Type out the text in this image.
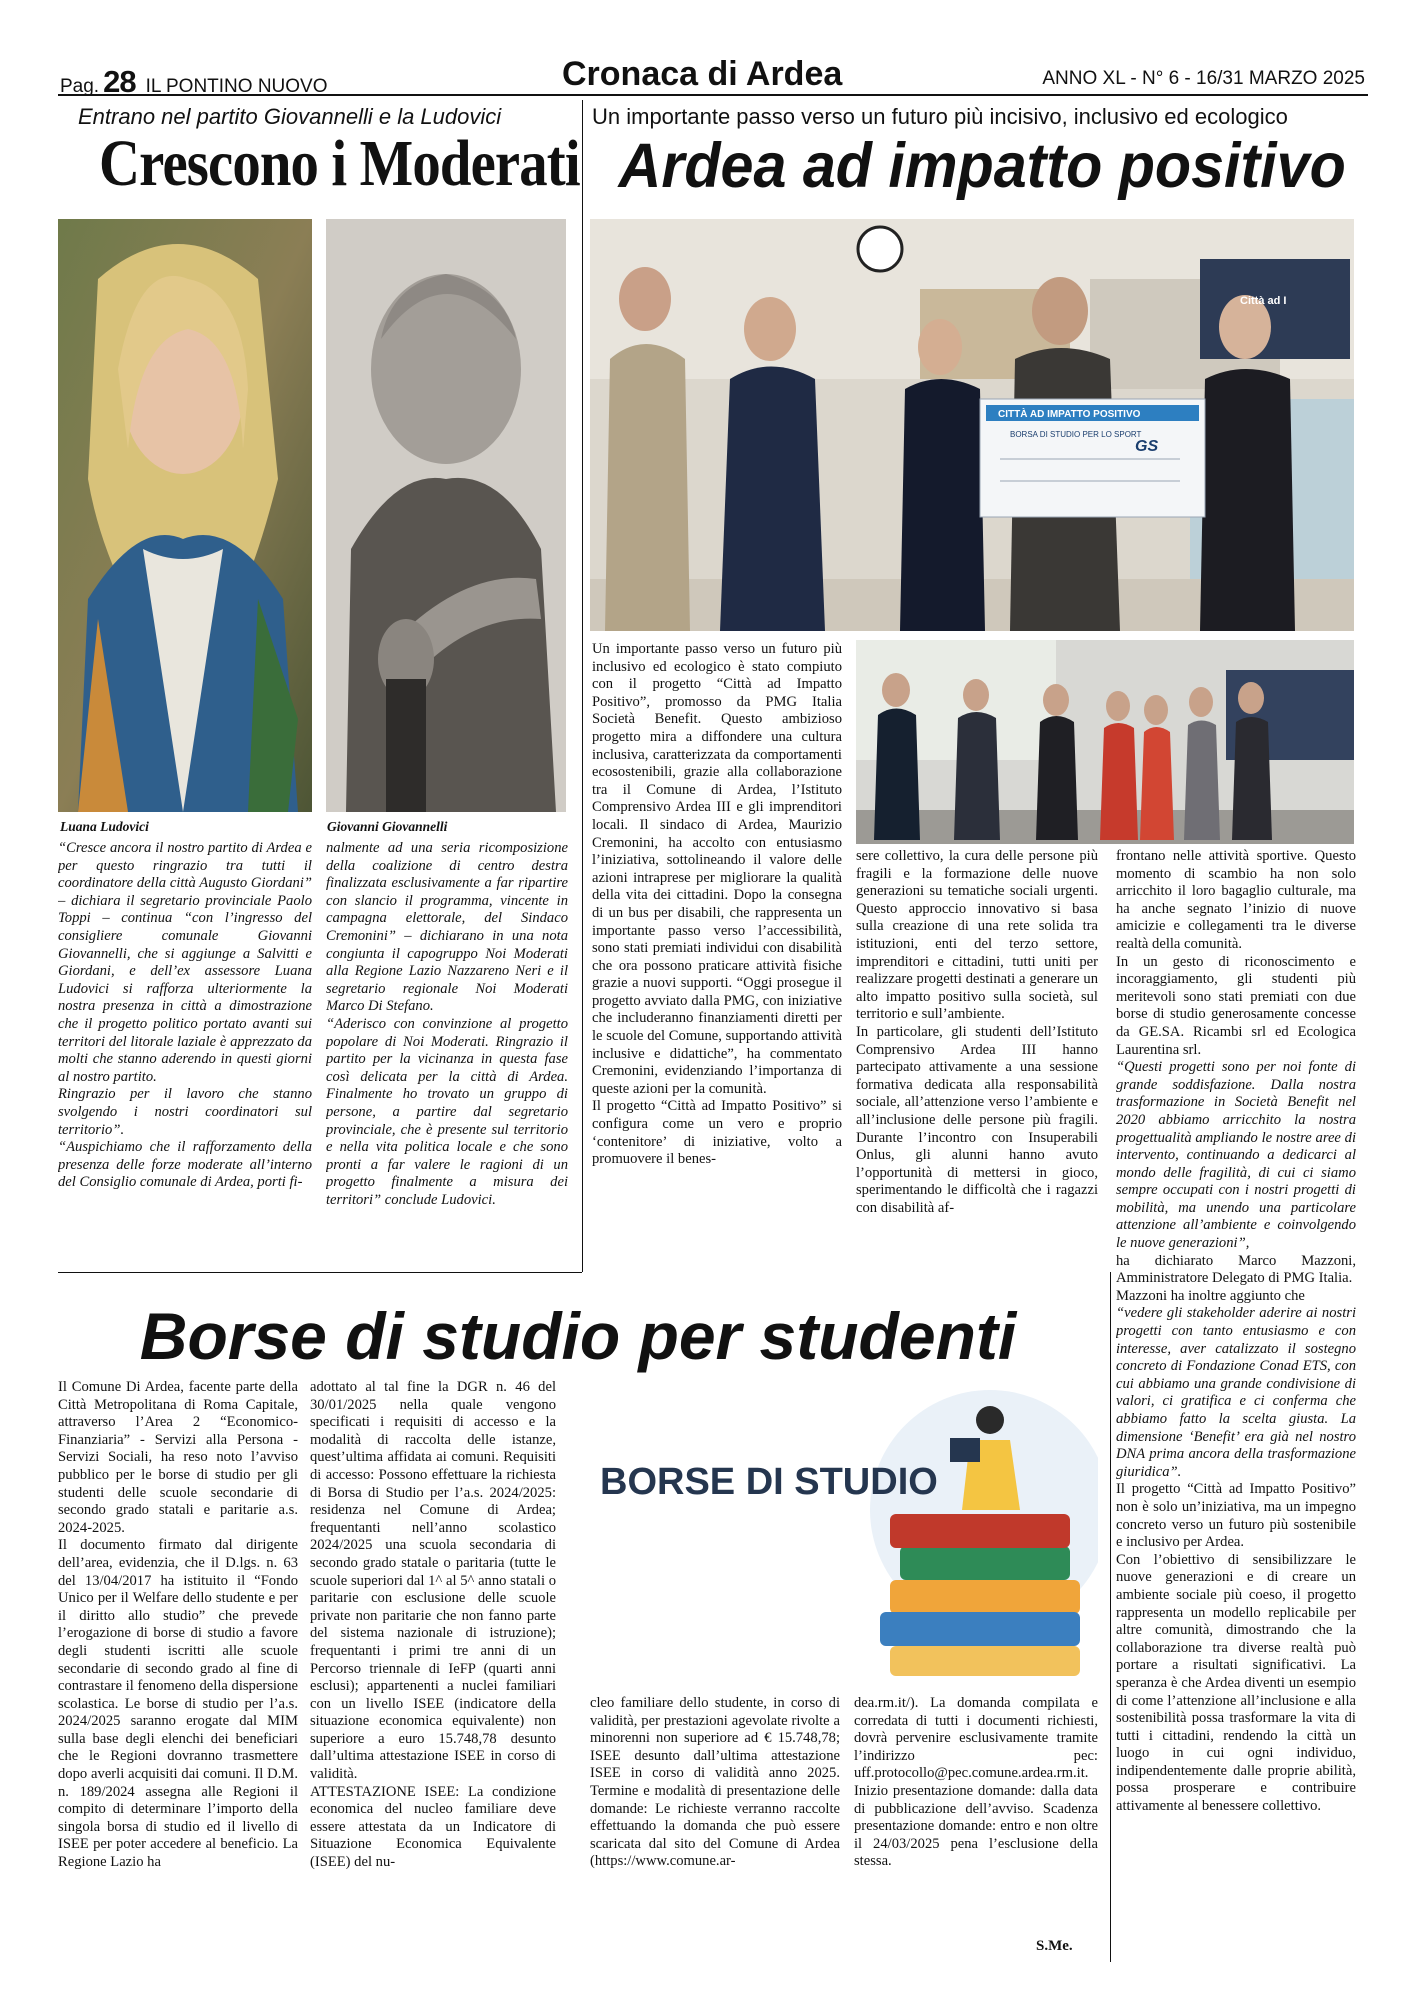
Pag. 28 IL PONTINO NUOVO	Cronaca di Ardea	ANNO XL - N° 6 - 16/31 MARZO 2025
Entrano nel partito Giovannelli e la Ludovici
Crescono i Moderati
Luana Ludovici	Giovanni Giovannelli

“Cresce ancora il nostro partito di Ardea e per questo ringrazio tra tutti il coordinatore della città Augusto Giordani” – dichiara il segretario provinciale Paolo Toppi – continua “con l’ingresso del consigliere comunale Giovanni Giovannelli, che si aggiunge a Salvitti e Giordani, e dell’ex assessore Luana Ludovici si rafforza ulteriormente la nostra presenza in città a dimostrazione che il progetto politico portato avanti sui territori del litorale laziale è apprezzato da molti che stanno aderendo in questi giorni al nostro partito.

Ringrazio per il lavoro che stanno svolgendo i nostri coordinatori sul territorio”.

“Auspichiamo che il rafforzamento della presenza delle forze moderate all’interno del Consiglio comunale di Ardea, porti fi-

nalmente ad una seria ricomposizione della coalizione di centro destra finalizzata esclusivamente a far ripartire con slancio il programma, vincente in campagna elettorale, del Sindaco Cremonini” – dichiarano in una nota congiunta il capogruppo Noi Moderati alla Regione Lazio Nazzareno Neri e il segretario regionale Noi Moderati Marco Di Stefano.

“Aderisco con convinzione al progetto popolare di Noi Moderati. Ringrazio il partito per la vicinanza in questa fase così delicata per la città di Ardea. Finalmente ho trovato un gruppo di persone, a partire dal segretario provinciale, che è presente sul territorio e nella vita politica locale e che sono pronti a far valere le ragioni di un progetto finalmente a misura dei territori” conclude Ludovici.

Un importante passo verso un futuro più incisivo, inclusivo ed ecologico
Ardea ad impatto positivo
CITTÀ AD IMPATTO POSITIVO
BORSA DI STUDIO PER LO SPORT
GS
Città ad I

Un importante passo verso un futuro più inclusivo ed ecologico è stato compiuto con il progetto “Città ad Impatto Positivo”, promosso da PMG Italia Società Benefit. Questo ambizioso progetto mira a diffondere una cultura inclusiva, caratterizzata da comportamenti ecosostenibili, grazie alla collaborazione tra il Comune di Ardea, l’Istituto Comprensivo Ardea III e gli imprenditori locali. Il sindaco di Ardea, Maurizio Cremonini, ha accolto con entusiasmo l’iniziativa, sottolineando il valore delle azioni intraprese per migliorare la qualità della vita dei cittadini. Dopo la consegna di un bus per disabili, che rappresenta un importante passo verso l’accessibilità, sono stati premiati individui con disabilità che ora possono praticare attività fisiche grazie a nuovi supporti. “Oggi prosegue il progetto avviato dalla PMG, con iniziative che includeranno finanziamenti diretti per le scuole del Comune, supportando attività inclusive e didattiche”, ha commentato Cremonini, evidenziando l’importanza di queste azioni per la comunità.

Il progetto “Città ad Impatto Positivo” si configura come un vero e proprio ‘contenitore’ di iniziative, volto a promuovere il benes-

sere collettivo, la cura delle persone più fragili e la formazione delle nuove generazioni su tematiche sociali urgenti. Questo approccio innovativo si basa sulla creazione di una rete solida tra istituzioni, enti del terzo settore, imprenditori e cittadini, tutti uniti per realizzare progetti destinati a generare un alto impatto positivo sulla società, sul territorio e sull’ambiente.

In particolare, gli studenti dell’Istituto Comprensivo Ardea III hanno partecipato attivamente a una sessione formativa dedicata alla responsabilità sociale, all’attenzione verso l’ambiente e all’inclusione delle persone più fragili. Durante l’incontro con Insuperabili Onlus, gli alunni hanno avuto l’opportunità di mettersi in gioco, sperimentando le difficoltà che i ragazzi con disabilità af-

frontano nelle attività sportive. Questo momento di scambio ha non solo arricchito il loro bagaglio culturale, ma ha anche segnato l’inizio di nuove amicizie e collegamenti tra le diverse realtà della comunità.

In un gesto di riconoscimento e incoraggiamento, gli studenti più meritevoli sono stati premiati con due borse di studio generosamente concesse da GE.SA. Ricambi srl ed Ecologica Laurentina srl.

“Questi progetti sono per noi fonte di grande soddisfazione. Dalla nostra trasformazione in Società Benefit nel 2020 abbiamo arricchito la nostra progettualità ampliando le nostre aree di intervento, continuando a dedicarci al mondo delle fragilità, di cui ci siamo sempre occupati con i nostri progetti di mobilità, ma unendo una particolare attenzione all’ambiente e coinvolgendo le nuove generazioni”,

ha dichiarato Marco Mazzoni, Amministratore Delegato di PMG Italia.

Mazzoni ha inoltre aggiunto che

“vedere gli stakeholder aderire ai nostri progetti con tanto entusiasmo e con interesse, aver catalizzato il sostegno concreto di Fondazione Conad ETS, con cui abbiamo una grande condivisione di valori, ci gratifica e ci conferma che abbiamo fatto la scelta giusta. La dimensione ‘Benefit’ era già nel nostro DNA prima ancora della trasformazione giuridica”.

Il progetto “Città ad Impatto Positivo” non è solo un’iniziativa, ma un impegno concreto verso un futuro più sostenibile e inclusivo per Ardea.

Con l’obiettivo di sensibilizzare le nuove generazioni e di creare un ambiente sociale più coeso, il progetto rappresenta un modello replicabile per altre comunità, dimostrando che la collaborazione tra diverse realtà può portare a risultati significativi. La speranza è che Ardea diventi un esempio di come l’attenzione all’inclusione e alla sostenibilità possa trasformare la vita di tutti i cittadini, rendendo la città un luogo in cui ogni individuo, indipendentemente dalle proprie abilità, possa prosperare e contribuire attivamente al benessere collettivo.

Borse di studio per studenti

Il Comune Di Ardea, facente parte della Città Metropolitana di Roma Capitale, attraverso l’Area 2 “Economico-Finanziaria” - Servizi alla Persona - Servizi Sociali, ha reso noto l’avviso pubblico per le borse di studio per gli studenti delle scuole secondarie di secondo grado statali e paritarie a.s. 2024-2025.

Il documento firmato dal dirigente dell’area, evidenzia, che il D.lgs. n. 63 del 13/04/2017 ha istituito il “Fondo Unico per il Welfare dello studente e per il diritto allo studio” che prevede l’erogazione di borse di studio a favore degli studenti iscritti alle scuole secondarie di secondo grado al fine di contrastare il fenomeno della dispersione scolastica. Le borse di studio per l’a.s. 2024/2025 saranno erogate dal MIM sulla base degli elenchi dei beneficiari che le Regioni dovranno trasmettere dopo averli acquisiti dai comuni. Il D.M. n. 189/2024 assegna alle Regioni il compito di determinare l’importo della singola borsa di studio ed il livello di ISEE per poter accedere al beneficio. La Regione Lazio ha

adottato al tal fine la DGR n. 46 del 30/01/2025 nella quale vengono specificati i requisiti di accesso e la modalità di raccolta delle istanze, quest’ultima affidata ai comuni. Requisiti di accesso: Possono effettuare la richiesta di Borsa di Studio per l’a.s. 2024/2025: residenza nel Comune di Ardea; frequentanti nell’anno scolastico 2024/2025 una scuola secondaria di secondo grado statale o paritaria (tutte le scuole superiori dal 1^ al 5^ anno statali o paritarie con esclusione delle scuole private non paritarie che non fanno parte del sistema nazionale di istruzione); frequentanti i primi tre anni di un Percorso triennale di IeFP (quarti anni esclusi); appartenenti a nuclei familiari con un livello ISEE (indicatore della situazione economica equivalente) non superiore a euro 15.748,78 desunto dall’ultima attestazione ISEE in corso di validità.

ATTESTAZIONE ISEE: La condizione economica del nucleo familiare deve essere attestata da un Indicatore di Situazione Economica Equivalente (ISEE) del nu-

BORSE DI STUDIO

cleo familiare dello studente, in corso di validità, per prestazioni agevolate rivolte a minorenni non superiore ad € 15.748,78; ISEE desunto dall’ultima attestazione ISEE in corso di validità anno 2025. Termine e modalità di presentazione delle domande: Le richieste verranno raccolte effettuando la domanda che può essere scaricata dal sito del Comune di Ardea (https://www.comune.ar-

dea.rm.it/). La domanda compilata e corredata di tutti i documenti richiesti, dovrà pervenire esclusivamente tramite l’indirizzo pec: uff.protocollo@pec.comune.ardea.rm.it. Inizio presentazione domande: dalla data di pubblicazione dell’avviso. Scadenza presentazione domande: entro e non oltre il 24/03/2025 pena l’esclusione della stessa.

S.Me.
